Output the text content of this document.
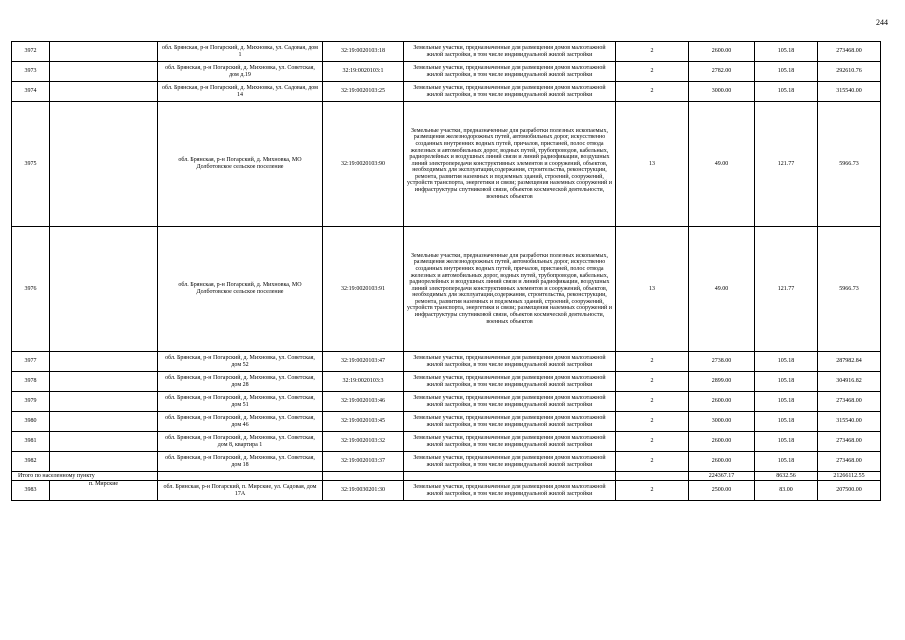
244
3972		обл. Брянская, р-н Погарский, д. Михновка, ул. Садовая, дом 1	32:19:0020103:18	Земельные участки, предназначенные для размещения домов малоэтажной жилой застройки, в том числе индивидуальной жилой застройки	2	2600.00	105.18	273468.00
3973		обл. Брянская, р-н Погарский, д. Михновка, ул. Советская, дом д.19	32:19:0020103:1	Земельные участки, предназначенные для размещения домов малоэтажной жилой застройки, в том числе индивидуальной жилой застройки	2	2782.00	105.18	292610.76
3974		обл. Брянская, р-н Погарский, д. Михновка, ул. Садовая, дом 14	32:19:0020103:25	Земельные участки, предназначенные для размещения домов малоэтажной жилой застройки, в том числе индивидуальной жилой застройки	2	3000.00	105.18	315540.00
3975		обл. Брянская, р-н Погарский, д. Михновка, МО Долботовское сельское поселение	32:19:0020103:90	Земельные участки, предназначенные для разработки полезных ископаемых, размещения железнодорожных путей, автомобильных дорог, искусственно созданных внутренних водных путей, причалов, пристаней, полос отвода железных и автомобильных дорог, водных путей, трубопроводов, кабельных, радиорелейных и воздушных линий связи и линий радиофикации, воздушных линий электропередачи конструктивных элементов и сооружений, объектов, необходимых для эксплуатации,содержания, строительства, реконструкции, ремонта, развития наземных и подземных зданий, строений, сооружений, устройств транспорта, энергетики и связи; размещения наземных сооружений и инфраструктуры спутниковой связи, объектов космической деятельности, военных объектов	13	49.00	121.77	5966.73
3976		обл. Брянская, р-н Погарский, д. Михновка, МО Долботовское сельское поселение	32:19:0020103:91	Земельные участки, предназначенные для разработки полезных ископаемых, размещения железнодорожных путей, автомобильных дорог, искусственно созданных внутренних водных путей, причалов, пристаней, полос отвода железных и автомобильных дорог, водных путей, трубопроводов, кабельных, радиорелейных и воздушных линий связи и линий радиофикации, воздушных линий электропередачи конструктивных элементов и сооружений, объектов, необходимых для эксплуатации,содержания, строительства, реконструкции, ремонта, развития наземных и подземных зданий, строений, сооружений, устройств транспорта, энергетики и связи; размещения наземных сооружений и инфраструктуры спутниковой связи, объектов космической деятельности, военных объектов	13	49.00	121.77	5966.73
3977		обл. Брянская, р-н Погарский, д. Михновка, ул. Советская, дом 52	32:19:0020103:47	Земельные участки, предназначенные для размещения домов малоэтажной жилой застройки, в том числе индивидуальной жилой застройки	2	2738.00	105.18	287982.84
3978		обл. Брянская, р-н Погарский, д. Михновка, ул. Советская, дом 28	32:19:0020103:3	Земельные участки, предназначенные для размещения домов малоэтажной жилой застройки, в том числе индивидуальной жилой застройки	2	2899.00	105.18	304916.82
3979		обл. Брянская, р-н Погарский, д. Михновка, ул. Советская, дом 51	32:19:0020103:46	Земельные участки, предназначенные для размещения домов малоэтажной жилой застройки, в том числе индивидуальной жилой застройки	2	2600.00	105.18	273468.00
3980		обл. Брянская, р-н Погарский, д. Михновка, ул. Советская, дом 46	32:19:0020103:45	Земельные участки, предназначенные для размещения домов малоэтажной жилой застройки, в том числе индивидуальной жилой застройки	2	3000.00	105.18	315540.00
3981		обл. Брянская, р-н Погарский, д. Михновка, ул. Советская, дом 8, квартира 1	32:19:0020103:32	Земельные участки, предназначенные для размещения домов малоэтажной жилой застройки, в том числе индивидуальной жилой застройки	2	2600.00	105.18	273468.00
3982		обл. Брянская, р-н Погарский, д. Михновка, ул. Советская, дом 18	32:19:0020103:37	Земельные участки, предназначенные для размещения домов малоэтажной жилой застройки, в том числе индивидуальной жилой застройки	2	2600.00	105.18	273468.00
Итого по населенному пункту						224367.17	8632.56	21266112.55
3983	п. Мирские	обл. Брянская, р-н Погарский, п. Мирские, ул. Садовая, дом 17А	32:19:0030201:30	Земельные участки, предназначенные для размещения домов малоэтажной жилой застройки, в том числе индивидуальной жилой застройки	2	2500.00	83.00	207500.00
